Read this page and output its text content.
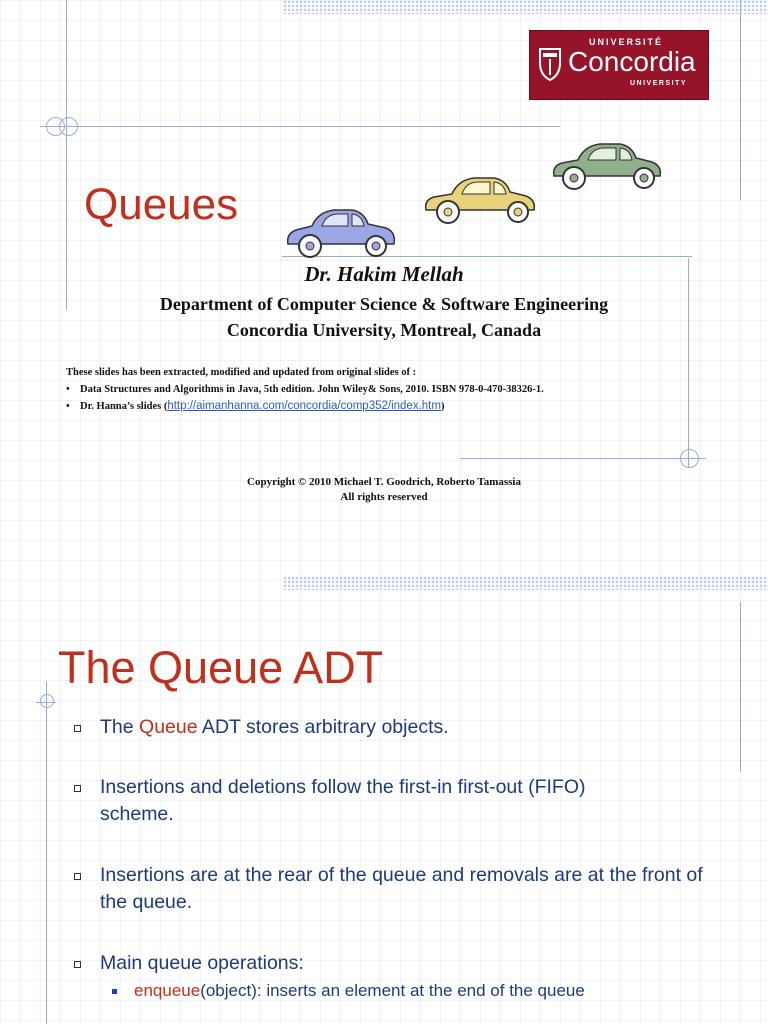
UNIVERSITÉ
Concordia
UNIVERSITY
Queues
Dr. Hakim Mellah
Department of Computer Science & Software Engineering
Concordia University, Montreal, Canada
These slides has been extracted, modified and updated from original slides of :
• Data Structures and Algorithms in Java, 5th edition. John Wiley& Sons, 2010. ISBN 978-0-470-38326-1.
• Dr. Hanna’s slides (http://aimanhanna.com/concordia/comp352/index.htm)
Copyright © 2010 Michael T. Goodrich, Roberto Tamassia
All rights reserved
The Queue ADT
The Queue ADT stores arbitrary objects.
Insertions and deletions follow the first-in first-out (FIFO) scheme.
Insertions are at the rear of the queue and removals are at the front of the queue.
Main queue operations:
enqueue(object): inserts an element at the end of the queue
